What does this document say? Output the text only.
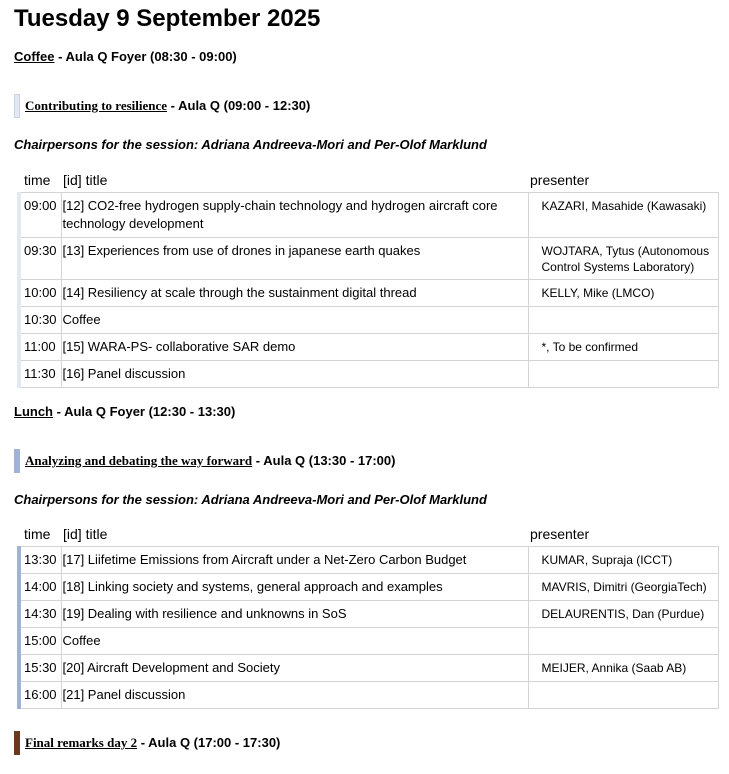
Tuesday 9 September 2025
Coffee - Aula Q Foyer (08:30 - 09:00)
Contributing to resilience - Aula Q (09:00 - 12:30)
Chairpersons for the session: Adriana Andreeva-Mori and Per-Olof Marklund
time	[id] title	presenter
09:00	[12] CO2-free hydrogen supply-chain technology and hydrogen aircraft core technology development	KAZARI, Masahide (Kawasaki)
09:30	[13] Experiences from use of drones in japanese earth quakes	WOJTARA, Tytus (Autonomous Control Systems Laboratory)
10:00	[14] Resiliency at scale through the sustainment digital thread	KELLY, Mike (LMCO)
10:30	Coffee	
11:00	[15] WARA-PS- collaborative SAR demo	*, To be confirmed
11:30	[16] Panel discussion	
Lunch - Aula Q Foyer (12:30 - 13:30)
Analyzing and debating the way forward - Aula Q (13:30 - 17:00)
Chairpersons for the session: Adriana Andreeva-Mori and Per-Olof Marklund
time	[id] title	presenter
13:30	[17] Liifetime Emissions from Aircraft under a Net-Zero Carbon Budget	KUMAR, Supraja (ICCT)
14:00	[18] Linking society and systems, general approach and examples	MAVRIS, Dimitri (GeorgiaTech)
14:30	[19] Dealing with resilience and unknowns in SoS	DELAURENTIS, Dan (Purdue)
15:00	Coffee	
15:30	[20] Aircraft Development and Society	MEIJER, Annika (Saab AB)
16:00	[21] Panel discussion	
Final remarks day 2 - Aula Q (17:00 - 17:30)
